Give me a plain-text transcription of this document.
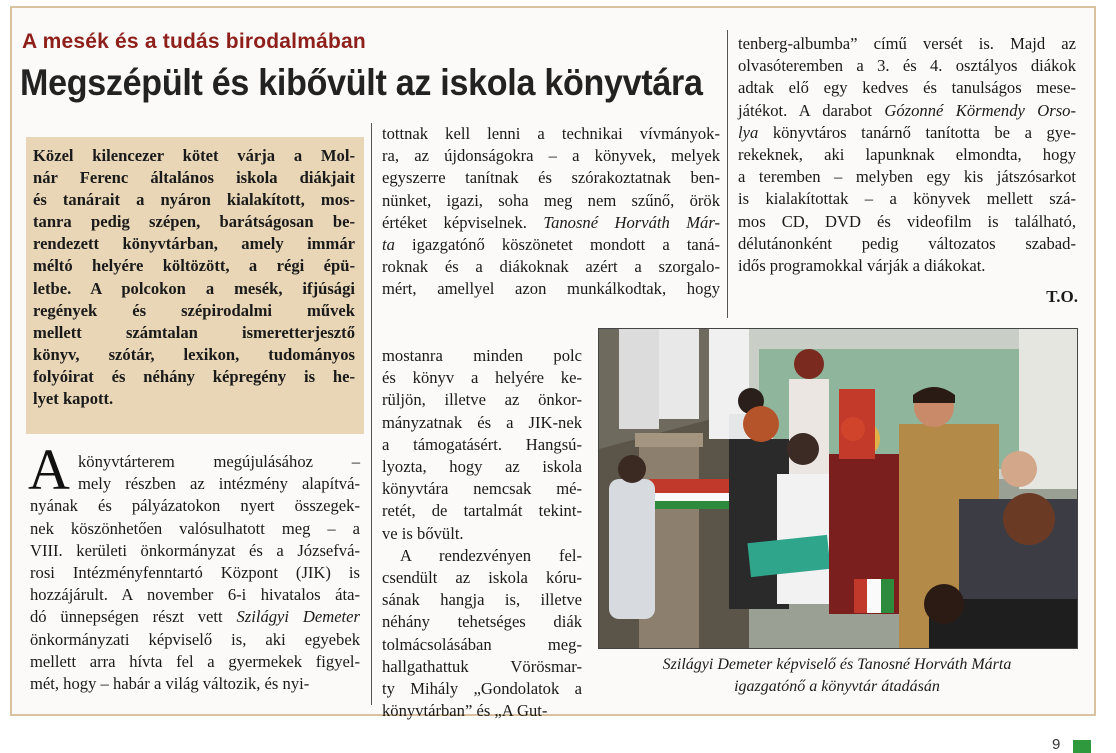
A mesék és a tudás birodalmában
Megszépült és kibővült az iskola könyvtára
Közel kilencezer kötet várja a Mol-
nár Ferenc általános iskola diákjait
és tanárait a nyáron kialakított, mos-
tanra pedig szépen, barátságosan be-
rendezett könyvtárban, amely immár
méltó helyére költözött, a régi épü-
letbe. A polcokon a mesék, ifjúsági
regények és szépirodalmi művek
mellett számtalan ismeretterjesztő
könyv, szótár, lexikon, tudományos
folyóirat és néhány képregény is he-
lyet kapott.
A könyvtárterem megújulásához –
mely részben az intézmény alapítvá-
nyának és pályázatokon nyert összegek-
nek köszönhetően valósulhatott meg – a
VIII. kerületi önkormányzat és a Józsefvá-
rosi Intézményfenntartó Központ (JIK) is
hozzájárult. A november 6-i hivatalos áta-
dó ünnepségen részt vett Szilágyi Demeter
önkormányzati képviselő is, aki egyebek
mellett arra hívta fel a gyermekek figyel-
mét, hogy – habár a világ változik, és nyi-
tottnak kell lenni a technikai vívmányok-
ra, az újdonságokra – a könyvek, melyek
egyszerre tanítnak és szórakoztatnak ben-
nünket, igazi, soha meg nem szűnő, örök
értéket képviselnek. Tanosné Horváth Már-
ta igazgatónő köszönetet mondott a taná-
roknak és a diákoknak azért a szorgalo-
mért, amellyel azon munkálkodtak, hogy
mostanra minden polc
és könyv a helyére ke-
rüljön, illetve az önkor-
mányzatnak és a JIK-nek
a támogatásért. Hangsú-
lyozta, hogy az iskola
könyvtára nemcsak mé-
retét, de tartalmát tekint-
ve is bővült.
A rendezvényen fel-
csendült az iskola kóru-
sának hangja is, illetve
néhány tehetséges diák
tolmácsolásában meg-
hallgathattuk Vörösmar-
ty Mihály „Gondolatok a
könyvtárban” és „A Gut-
tenberg-albumba” című versét is. Majd az
olvasóteremben a 3. és 4. osztályos diákok
adtak elő egy kedves és tanulságos mese-
játékot. A darabot Gózonné Körmendy Orso-
lya könyvtáros tanárnő tanította be a gye-
rekeknek, aki lapunknak elmondta, hogy
a teremben – melyben egy kis játszósarkot
is kialakítottak – a könyvek mellett szá-
mos CD, DVD és videofilm is található,
délutánonként pedig változatos szabad-
idős programokkal várják a diákokat.
T.O.
Szilágyi Demeter képviselő és Tanosné Horváth Márta
igazgatónő a könyvtár átadásán
9
